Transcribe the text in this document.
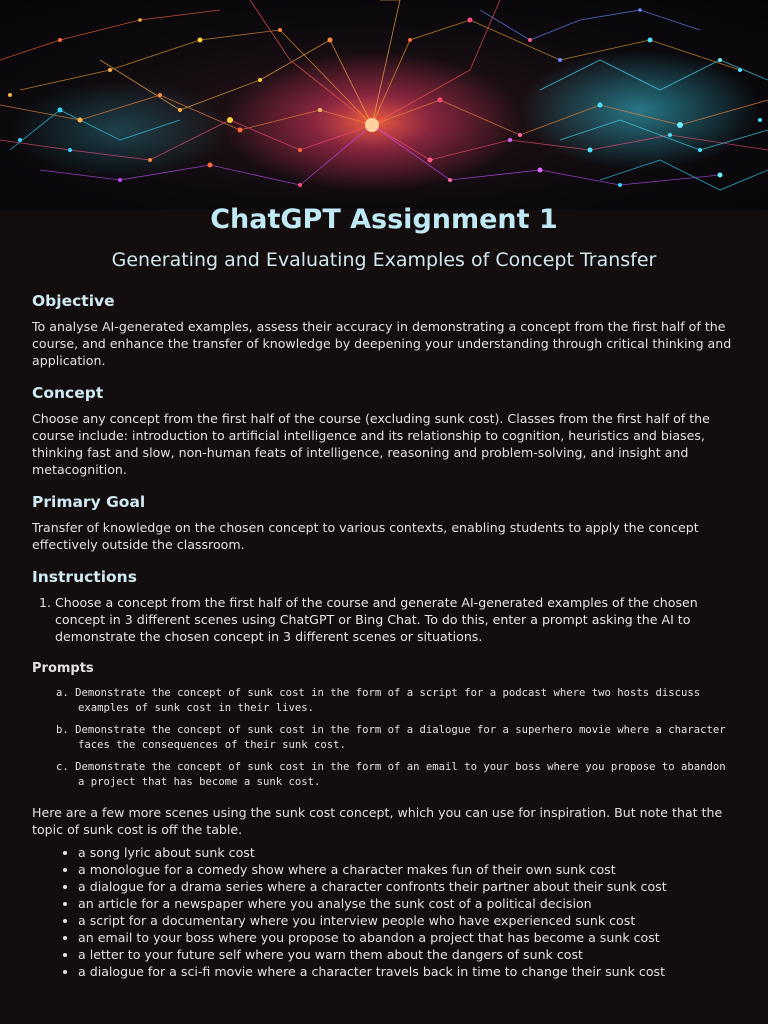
ChatGPT Assignment 1
Generating and Evaluating Examples of Concept Transfer
Objective

To analyse AI-generated examples, assess their accuracy in demonstrating a concept from the first half of the course, and enhance the transfer of knowledge by deepening your understanding through critical thinking and application.

Concept

Choose any concept from the first half of the course (excluding sunk cost). Classes from the first half of the course include: introduction to artificial intelligence and its relationship to cognition, heuristics and biases, thinking fast and slow, non-human feats of intelligence, reasoning and problem-solving, and insight and metacognition.

Primary Goal

Transfer of knowledge on the chosen concept to various contexts, enabling students to apply the concept effectively outside the classroom.

Instructions
1. Choose a concept from the first half of the course and generate AI-generated examples of the chosen concept in 3 different scenes using ChatGPT or Bing Chat. To do this, enter a prompt asking the AI to demonstrate the chosen concept in 3 different scenes or situations.
Prompts
a. Demonstrate the concept of sunk cost in the form of a script for a podcast where two hosts discuss examples of sunk cost in their lives.
b. Demonstrate the concept of sunk cost in the form of a dialogue for a superhero movie where a character faces the consequences of their sunk cost.
c. Demonstrate the concept of sunk cost in the form of an email to your boss where you propose to abandon a project that has become a sunk cost.

Here are a few more scenes using the sunk cost concept, which you can use for inspiration. But note that the topic of sunk cost is off the table.

• a song lyric about sunk cost
• a monologue for a comedy show where a character makes fun of their own sunk cost
• a dialogue for a drama series where a character confronts their partner about their sunk cost
• an article for a newspaper where you analyse the sunk cost of a political decision
• a script for a documentary where you interview people who have experienced sunk cost
• an email to your boss where you propose to abandon a project that has become a sunk cost
• a letter to your future self where you warn them about the dangers of sunk cost
• a dialogue for a sci-fi movie where a character travels back in time to change their sunk cost
